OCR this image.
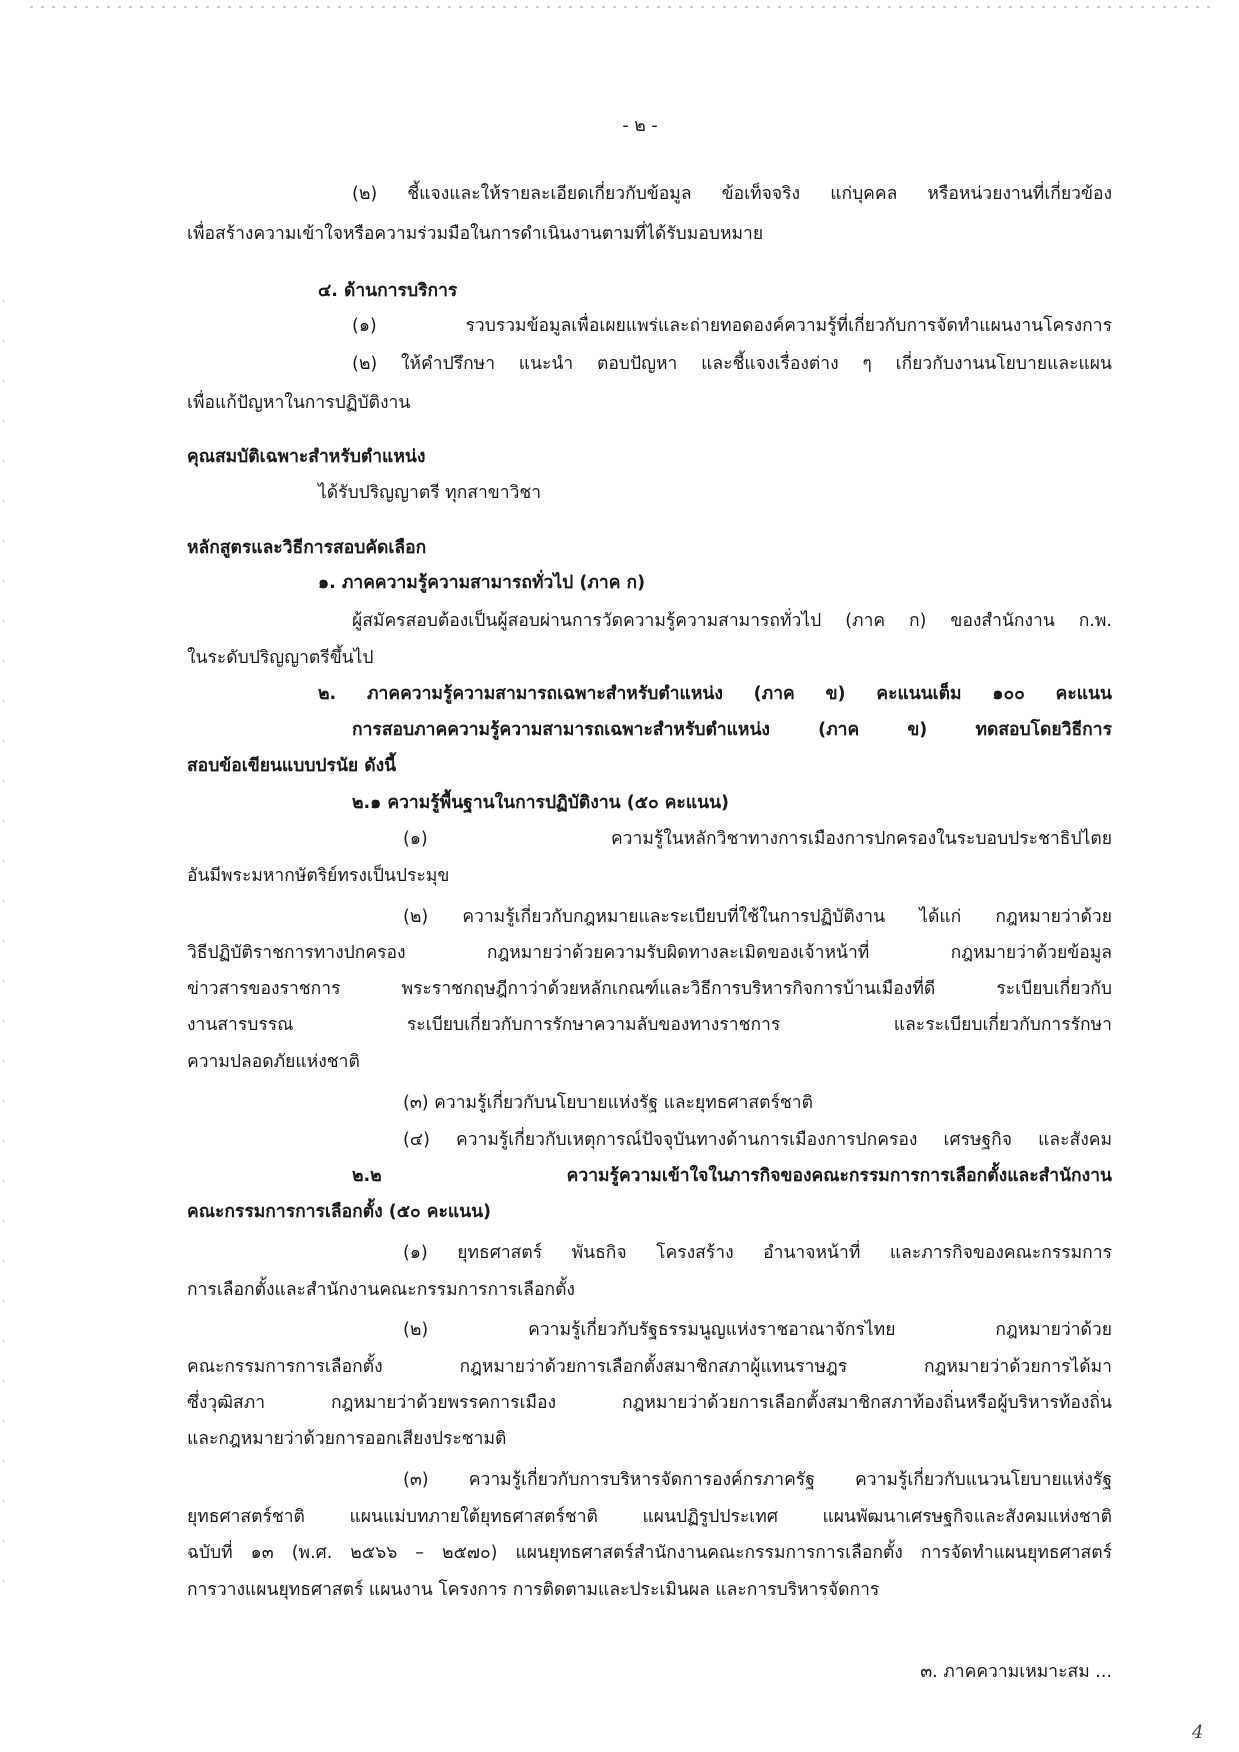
- ๒ -
(๒) ชี้แจงและให้รายละเอียดเกี่ยวกับข้อมูล ข้อเท็จจริง แก่บุคคล หรือหน่วยงานที่เกี่ยวข้อง
เพื่อสร้างความเข้าใจหรือความร่วมมือในการดำเนินงานตามที่ได้รับมอบหมาย
๔. ด้านการบริการ
(๑) รวบรวมข้อมูลเพื่อเผยแพร่และถ่ายทอดองค์ความรู้ที่เกี่ยวกับการจัดทำแผนงานโครงการ
(๒) ให้คำปรึกษา แนะนำ ตอบปัญหา และชี้แจงเรื่องต่าง ๆ เกี่ยวกับงานนโยบายและแผน
เพื่อแก้ปัญหาในการปฏิบัติงาน
คุณสมบัติเฉพาะสำหรับตำแหน่ง
ได้รับปริญญาตรี ทุกสาขาวิชา
หลักสูตรและวิธีการสอบคัดเลือก
๑. ภาคความรู้ความสามารถทั่วไป (ภาค ก)
ผู้สมัครสอบต้องเป็นผู้สอบผ่านการวัดความรู้ความสามารถทั่วไป (ภาค ก) ของสำนักงาน ก.พ.
ในระดับปริญญาตรีขึ้นไป
๒. ภาคความรู้ความสามารถเฉพาะสำหรับตำแหน่ง (ภาค ข) คะแนนเต็ม ๑๐๐ คะแนน
การสอบภาคความรู้ความสามารถเฉพาะสำหรับตำแหน่ง (ภาค ข) ทดสอบโดยวิธีการ
สอบข้อเขียนแบบปรนัย ดังนี้
๒.๑ ความรู้พื้นฐานในการปฏิบัติงาน (๕๐ คะแนน)
(๑) ความรู้ในหลักวิชาทางการเมืองการปกครองในระบอบประชาธิปไตย
อันมีพระมหากษัตริย์ทรงเป็นประมุข
(๒) ความรู้เกี่ยวกับกฎหมายและระเบียบที่ใช้ในการปฏิบัติงาน ได้แก่ กฎหมายว่าด้วย
วิธีปฏิบัติราชการทางปกครอง กฎหมายว่าด้วยความรับผิดทางละเมิดของเจ้าหน้าที่ กฎหมายว่าด้วยข้อมูล
ข่าวสารของราชการ พระราชกฤษฎีกาว่าด้วยหลักเกณฑ์และวิธีการบริหารกิจการบ้านเมืองที่ดี ระเบียบเกี่ยวกับ
งานสารบรรณ ระเบียบเกี่ยวกับการรักษาความลับของทางราชการ และระเบียบเกี่ยวกับการรักษา
ความปลอดภัยแห่งชาติ
(๓) ความรู้เกี่ยวกับนโยบายแห่งรัฐ และยุทธศาสตร์ชาติ
(๔) ความรู้เกี่ยวกับเหตุการณ์ปัจจุบันทางด้านการเมืองการปกครอง เศรษฐกิจ และสังคม
๒.๒ ความรู้ความเข้าใจในภารกิจของคณะกรรมการการเลือกตั้งและสำนักงาน
คณะกรรมการการเลือกตั้ง (๕๐ คะแนน)
(๑) ยุทธศาสตร์ พันธกิจ โครงสร้าง อำนาจหน้าที่ และภารกิจของคณะกรรมการ
การเลือกตั้งและสำนักงานคณะกรรมการการเลือกตั้ง
(๒) ความรู้เกี่ยวกับรัฐธรรมนูญแห่งราชอาณาจักรไทย กฎหมายว่าด้วย
คณะกรรมการการเลือกตั้ง กฎหมายว่าด้วยการเลือกตั้งสมาชิกสภาผู้แทนราษฎร กฎหมายว่าด้วยการได้มา
ซึ่งวุฒิสภา กฎหมายว่าด้วยพรรคการเมือง กฎหมายว่าด้วยการเลือกตั้งสมาชิกสภาท้องถิ่นหรือผู้บริหารท้องถิ่น
และกฎหมายว่าด้วยการออกเสียงประชามติ
(๓) ความรู้เกี่ยวกับการบริหารจัดการองค์กรภาครัฐ ความรู้เกี่ยวกับแนวนโยบายแห่งรัฐ
ยุทธศาสตร์ชาติ แผนแม่บทภายใต้ยุทธศาสตร์ชาติ แผนปฏิรูปประเทศ แผนพัฒนาเศรษฐกิจและสังคมแห่งชาติ
ฉบับที่ ๑๓ (พ.ศ. ๒๕๖๖ – ๒๕๗๐) แผนยุทธศาสตร์สำนักงานคณะกรรมการการเลือกตั้ง การจัดทำแผนยุทธศาสตร์
การวางแผนยุทธศาสตร์ แผนงาน โครงการ การติดตามและประเมินผล และการบริหารจัดการ
๓. ภาคความเหมาะสม ...
4
